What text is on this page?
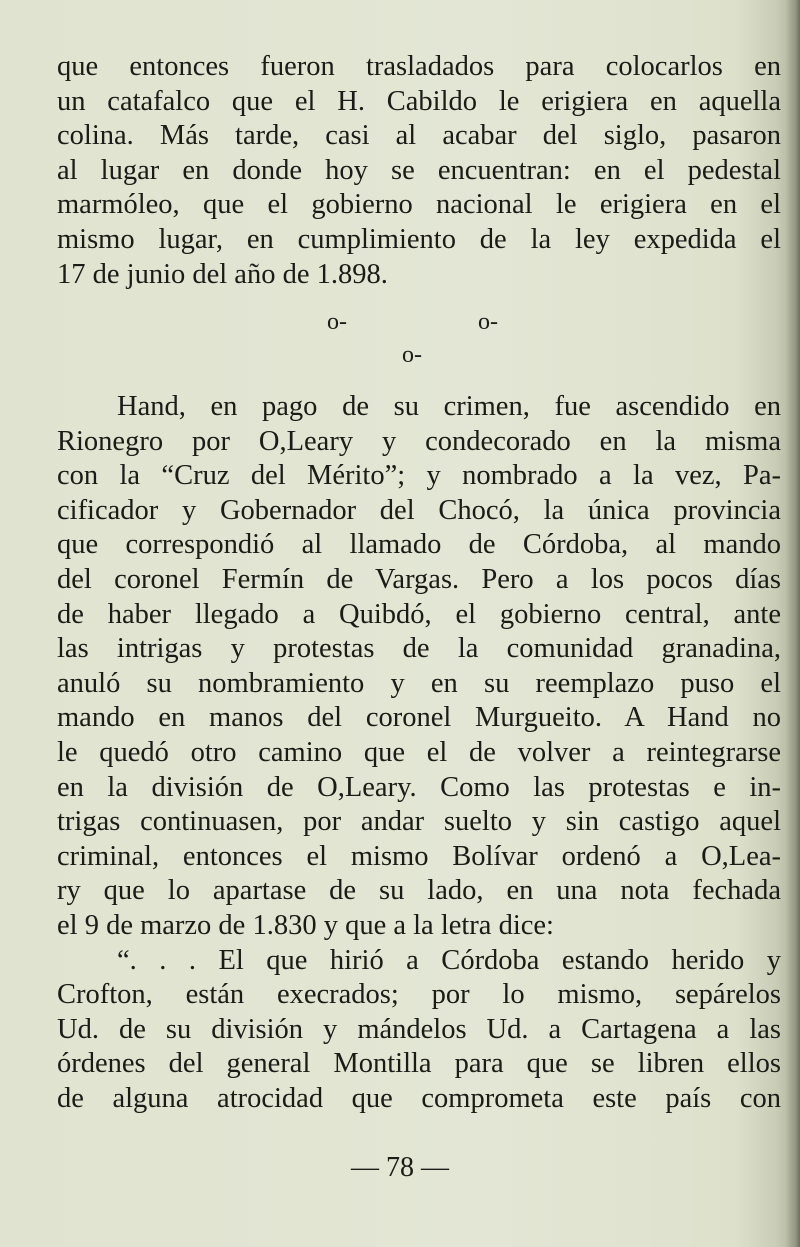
que entonces fueron trasladados para colocarlos en
un catafalco que el H. Cabildo le erigiera en aquella
colina. Más tarde, casi al acabar del siglo, pasaron
al lugar en donde hoy se encuentran: en el pedestal
marmóleo, que el gobierno nacional le erigiera en el
mismo lugar, en cumplimiento de la ley expedida el
17 de junio del año de 1.898.
o-	o-
o-
Hand, en pago de su crimen, fue ascendido en
Rionegro por O,Leary y condecorado en la misma
con la “Cruz del Mérito”; y nombrado a la vez, Pa-
cificador y Gobernador del Chocó, la única provincia
que correspondió al llamado de Córdoba, al mando
del coronel Fermín de Vargas. Pero a los pocos días
de haber llegado a Quibdó, el gobierno central, ante
las intrigas y protestas de la comunidad granadina,
anuló su nombramiento y en su reemplazo puso el
mando en manos del coronel Murgueito. A Hand no
le quedó otro camino que el de volver a reintegrarse
en la división de O,Leary. Como las protestas e in-
trigas continuasen, por andar suelto y sin castigo aquel
criminal, entonces el mismo Bolívar ordenó a O,Lea-
ry que lo apartase de su lado, en una nota fechada
el 9 de marzo de 1.830 y que a la letra dice:
“. . . El que hirió a Córdoba estando herido y
Crofton, están execrados; por lo mismo, sepárelos
Ud. de su división y mándelos Ud. a Cartagena a las
órdenes del general Montilla para que se libren ellos
de alguna atrocidad que comprometa este país con
— 78 —
